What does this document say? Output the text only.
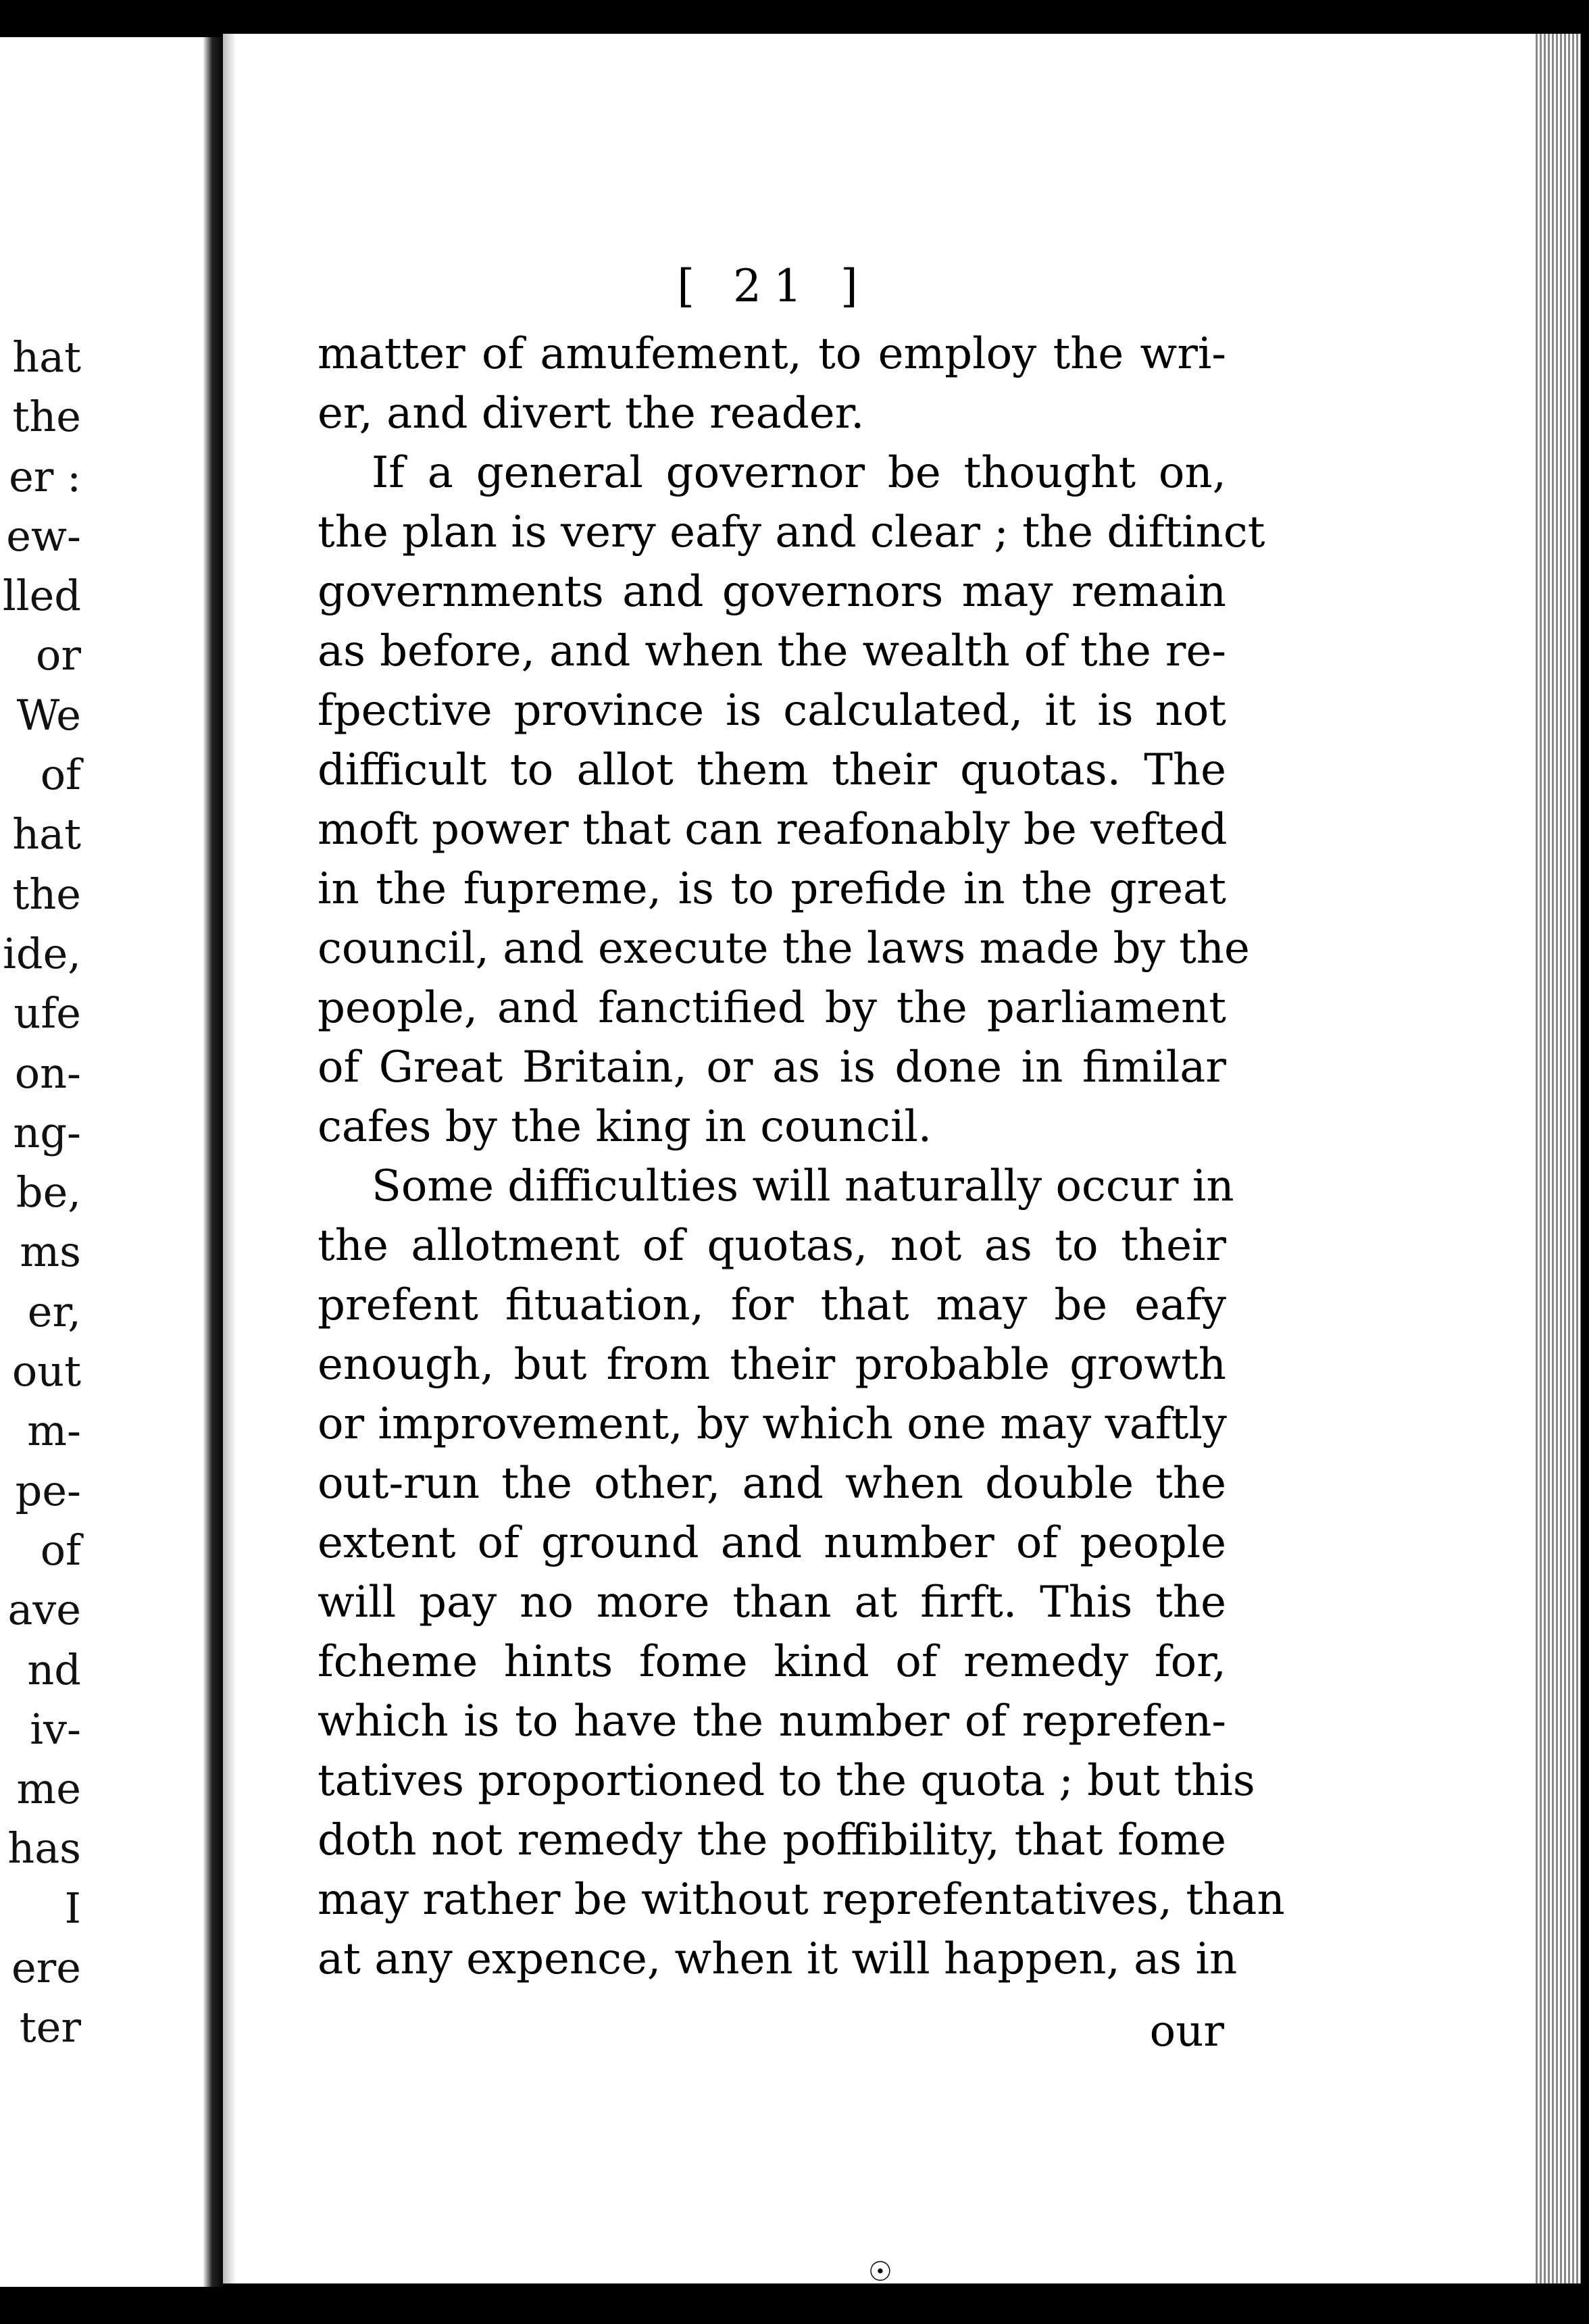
hat
the
er :
ew-
lled
or
We
of
hat
the
ide,
ufe
on-
ng-
be,
ms
er,
out
m-
pe-
of
ave
nd
iv-
me
has
I
ere
ter
[ 21 ]
matter of amufement, to employ the wri-
er, and divert the reader.
If a general governor be thought on,
the plan is very eafy and clear ; the diftinct
governments and governors may remain
as before, and when the wealth of the re-
fpective province is calculated, it is not
difficult to allot them their quotas. The
moft power that can reafonably be vefted
in the fupreme, is to prefide in the great
council, and execute the laws made by the
people, and fanctified by the parliament
of Great Britain, or as is done in fimilar
cafes by the king in council.
Some difficulties will naturally occur in
the allotment of quotas, not as to their
prefent fituation, for that may be eafy
enough, but from their probable growth
or improvement, by which one may vaftly
out-run the other, and when double the
extent of ground and number of people
will pay no more than at firft. This the
fcheme hints fome kind of remedy for,
which is to have the number of reprefen-
tatives proportioned to the quota ; but this
doth not remedy the poffibility, that fome
may rather be without reprefentatives, than
at any expence, when it will happen, as in
our
☉
